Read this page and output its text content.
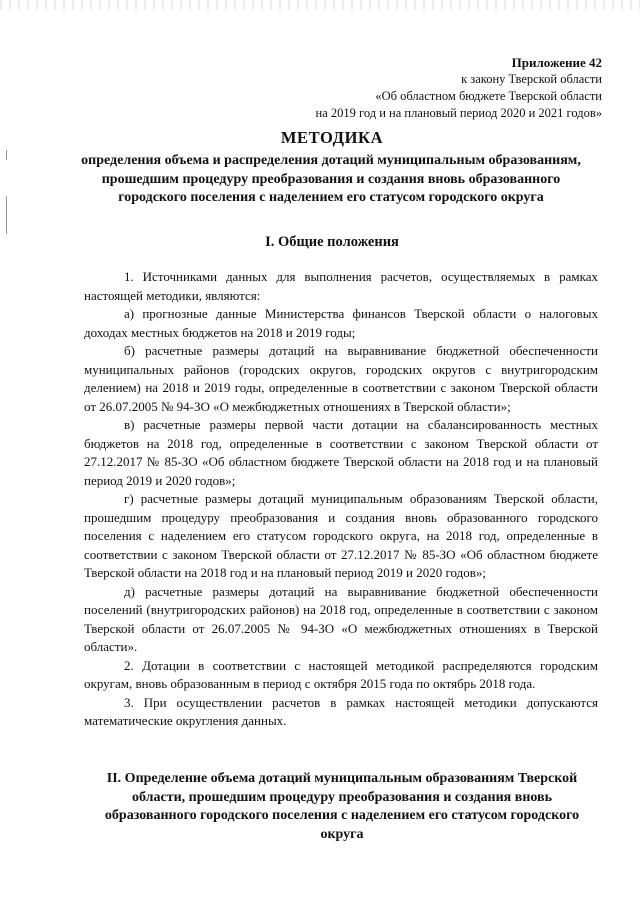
Приложение 42
к закону Тверской области
«Об областном бюджете Тверской области
на 2019 год и на плановый период 2020 и 2021 годов»
МЕТОДИКА
определения объема и распределения дотаций муниципальным образованиям, прошедшим процедуру преобразования и создания вновь образованного городского поселения с наделением его статусом городского округа
I. Общие положения

1. Источниками данных для выполнения расчетов, осуществляемых в рамках настоящей методики, являются:

а) прогнозные данные Министерства финансов Тверской области о налоговых доходах местных бюджетов на 2018 и 2019 годы;

б) расчетные размеры дотаций на выравнивание бюджетной обеспеченности муниципальных районов (городских округов, городских округов с внутригородским делением) на 2018 и 2019 годы, определенные в соответствии с законом Тверской области от 26.07.2005 № 94-ЗО «О межбюджетных отношениях в Тверской области»;

в) расчетные размеры первой части дотации на сбалансированность местных бюджетов на 2018 год, определенные в соответствии с законом Тверской области от 27.12.2017 № 85-ЗО «Об областном бюджете Тверской области на 2018 год и на плановый период 2019 и 2020 годов»;

г) расчетные размеры дотаций муниципальным образованиям Тверской области, прошедшим процедуру преобразования и создания вновь образованного городского поселения с наделением его статусом городского округа, на 2018 год, определенные в соответствии с законом Тверской области от 27.12.2017 № 85-ЗО «Об областном бюджете Тверской области на 2018 год и на плановый период 2019 и 2020 годов»;

д) расчетные размеры дотаций на выравнивание бюджетной обеспеченности поселений (внутригородских районов) на 2018 год, определенные в соответствии с законом Тверской области от 26.07.2005 № 94-ЗО «О межбюджетных отношениях в Тверской области».

2. Дотации в соответствии с настоящей методикой распределяются городским округам, вновь образованным в период с октября 2015 года по октябрь 2018 года.

3. При осуществлении расчетов в рамках настоящей методики допускаются математические округления данных.

II. Определение объема дотаций муниципальным образованиям Тверской области, прошедшим процедуру преобразования и создания вновь образованного городского поселения с наделением его статусом городского округа
